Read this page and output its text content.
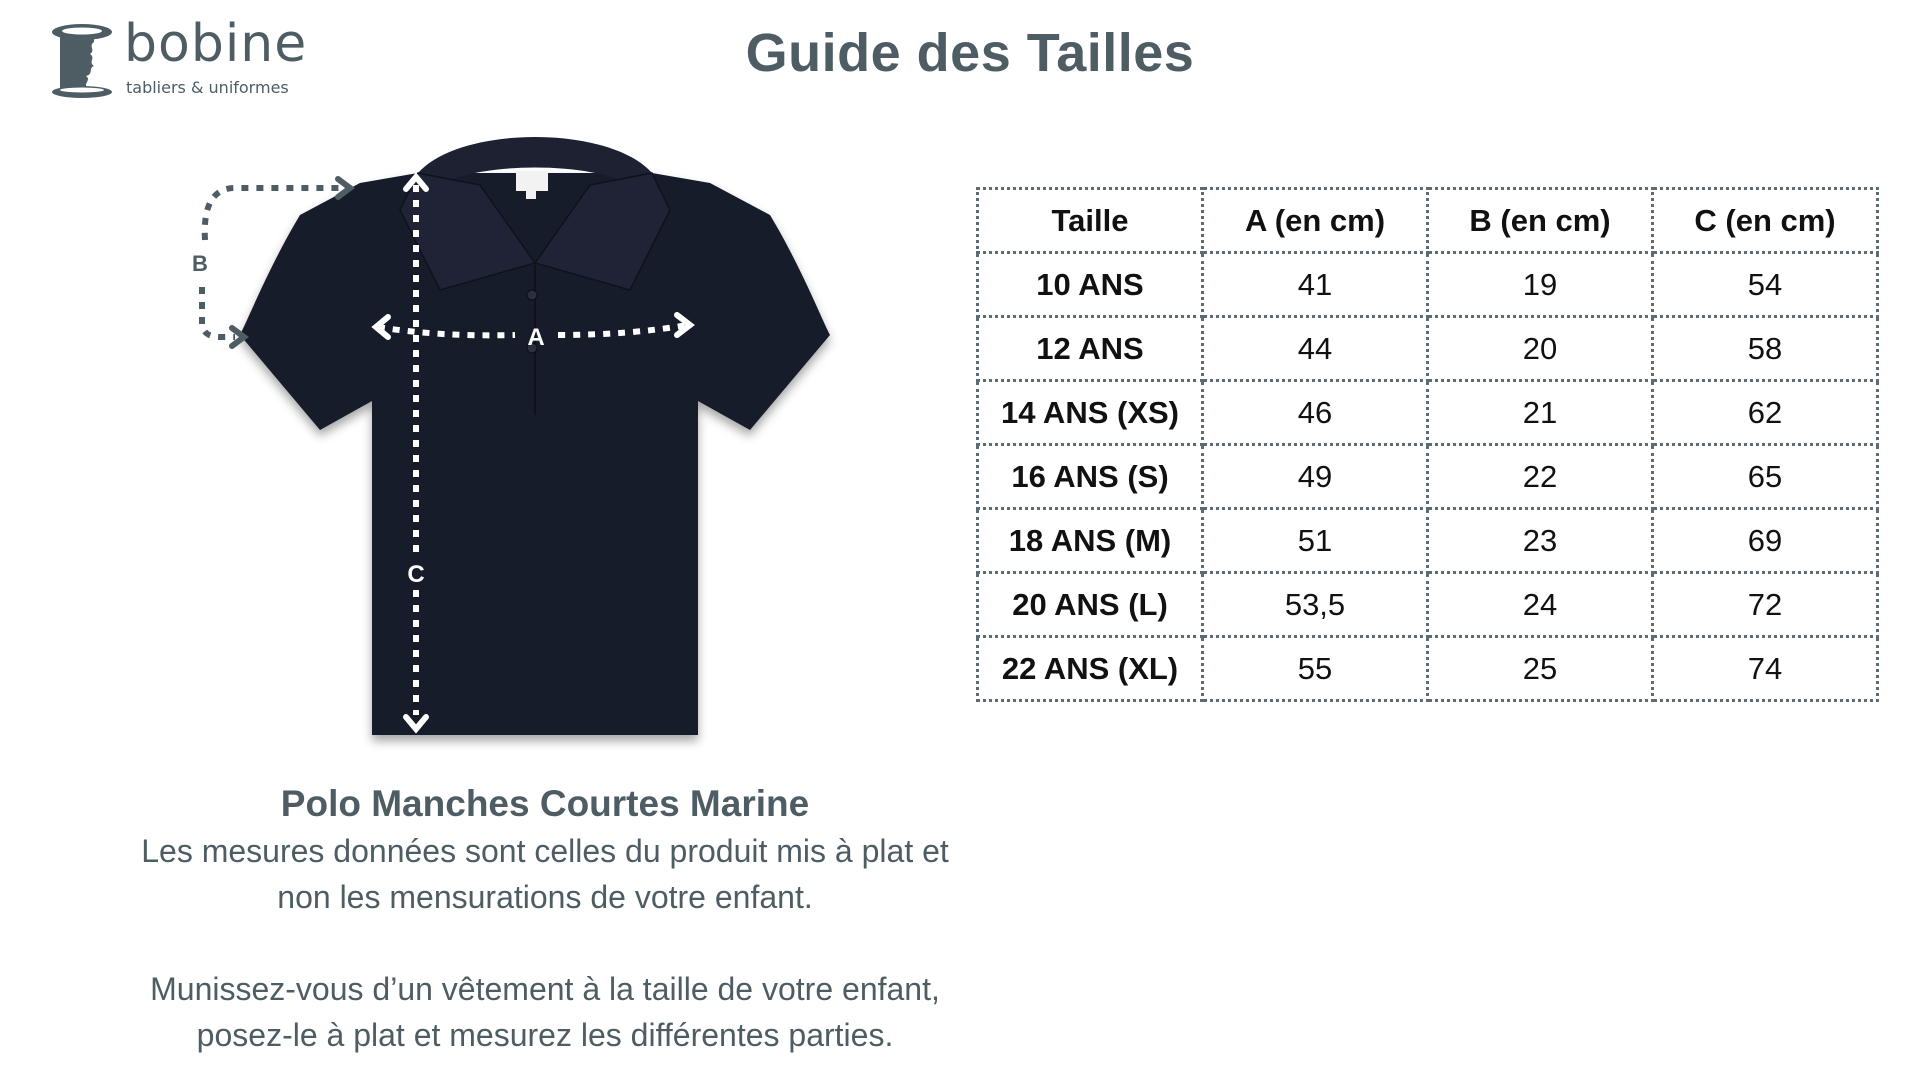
bobine
tabliers & uniformes
Guide des Tailles
C
A
B
Taille	A (en cm)	B (en cm)	C (en cm)
10 ANS	41	19	54
12 ANS	44	20	58
14 ANS (XS)	46	21	62
16 ANS (S)	49	22	65
18 ANS (M)	51	23	69
20 ANS (L)	53,5	24	72
22 ANS (XL)	55	25	74
Polo Manches Courtes Marine

Les mesures données sont celles du produit mis à plat et

non les mensurations de votre enfant.

Munissez-vous d’un vêtement à la taille de votre enfant,

posez-le à plat et mesurez les différentes parties.
